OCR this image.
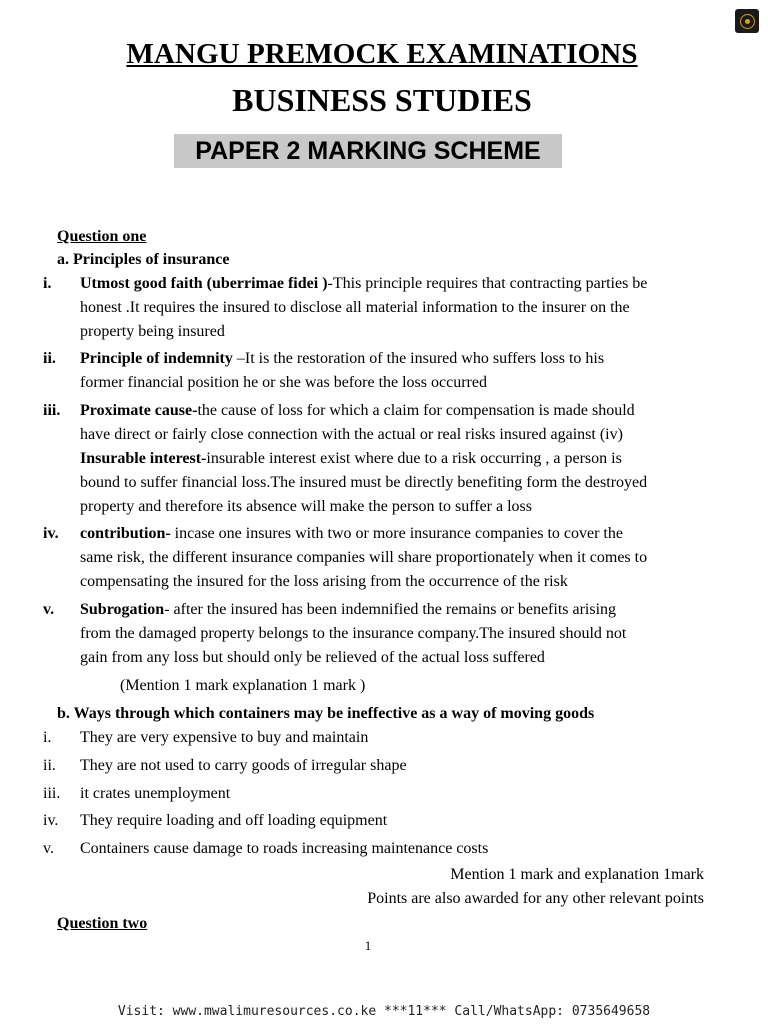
MANGU PREMOCK EXAMINATIONS
BUSINESS STUDIES
PAPER 2 MARKING SCHEME
Question one
a. Principles of insurance
i. Utmost good faith (uberrimae fidei )-This principle requires that contracting parties be
honest .It requires the insured to disclose all material information to the insurer on the
property being insured
ii. Principle of indemnity –It is the restoration of the insured who suffers loss to his
former financial position he or she was before the loss occurred
iii. Proximate cause-the cause of loss for which a claim for compensation is made should
have direct or fairly close connection with the actual or real risks insured against (iv)
Insurable interest-insurable interest exist where due to a risk occurring , a person is
bound to suffer financial loss.The insured must be directly benefiting form the destroyed
property and therefore its absence will make the person to suffer a loss
iv. contribution- incase one insures with two or more insurance companies to cover the
same risk, the different insurance companies will share proportionately when it comes to
compensating the insured for the loss arising from the occurrence of the risk
v. Subrogation- after the insured has been indemnified the remains or benefits arising
from the damaged property belongs to the insurance company.The insured should not
gain from any loss but should only be relieved of the actual loss suffered
(Mention 1 mark explanation 1 mark )
b. Ways through which containers may be ineffective as a way of moving goods
i. They are very expensive to buy and maintain
ii. They are not used to carry goods of irregular shape
iii. it crates unemployment
iv. They require loading and off loading equipment
v. Containers cause damage to roads increasing maintenance costs
Mention 1 mark and explanation 1mark
Points are also awarded for any other relevant points
Question two
1
Visit: www.mwalimuresources.co.ke ***11*** Call/WhatsApp: 0735649658
